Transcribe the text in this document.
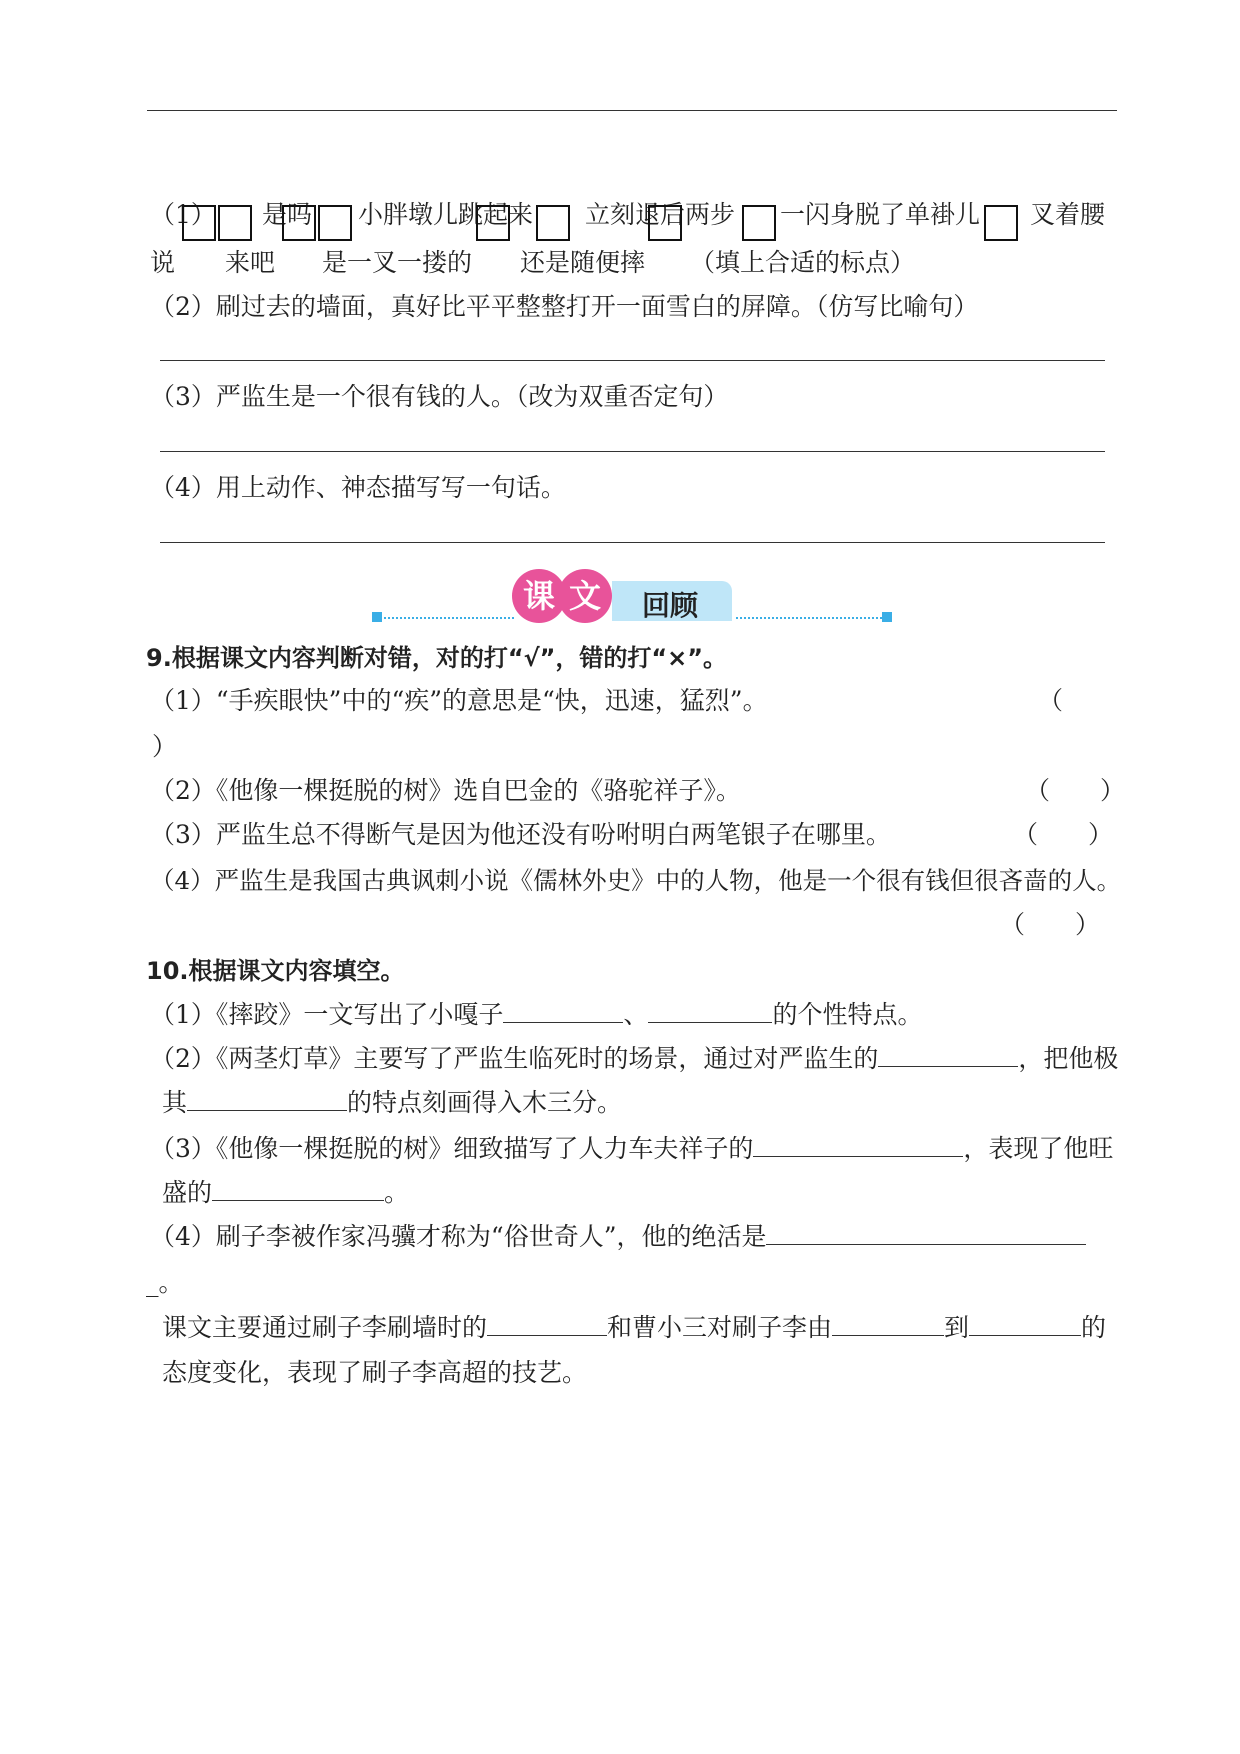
（1） 是吗 小胖墩儿跳起来 立刻退后两步 一闪身脱了单褂儿 叉着腰
说 来吧 是一叉一搂的 还是随便摔 （填上合适的标点）
（2）刷过去的墙面，真好比平平整整打开一面雪白的屏障。（仿写比喻句）
（3）严监生是一个很有钱的人。（改为双重否定句）
（4）用上动作、神态描写写一句话。
回顾
课 文
9.根据课文内容判断对错，对的打“√”，错的打“×”。
（1）“手疾眼快”中的“疾”的意思是“快，迅速，猛烈”。	（
）
（2）《他像一棵挺脱的树》选自巴金的《骆驼祥子》。	（　　）
（3）严监生总不得断气是因为他还没有吩咐明白两笔银子在哪里。	（　　）
（4）严监生是我国古典讽刺小说《儒林外史》中的人物，他是一个很有钱但很吝啬的人。
（　　）
10.根据课文内容填空。
（1）《摔跤》一文写出了小嘎子	、	的个性特点。
（2）《两茎灯草》主要写了严监生临死时的场景，通过对严监生的	，把他极
其	的特点刻画得入木三分。
（3）《他像一棵挺脱的树》细致描写了人力车夫祥子的	，表现了他旺
盛的	。
（4）刷子李被作家冯骥才称为“俗世奇人”，他的绝活是
_。
课文主要通过刷子李刷墙时的	和曹小三对刷子李由	到	的
态度变化，表现了刷子李高超的技艺。
